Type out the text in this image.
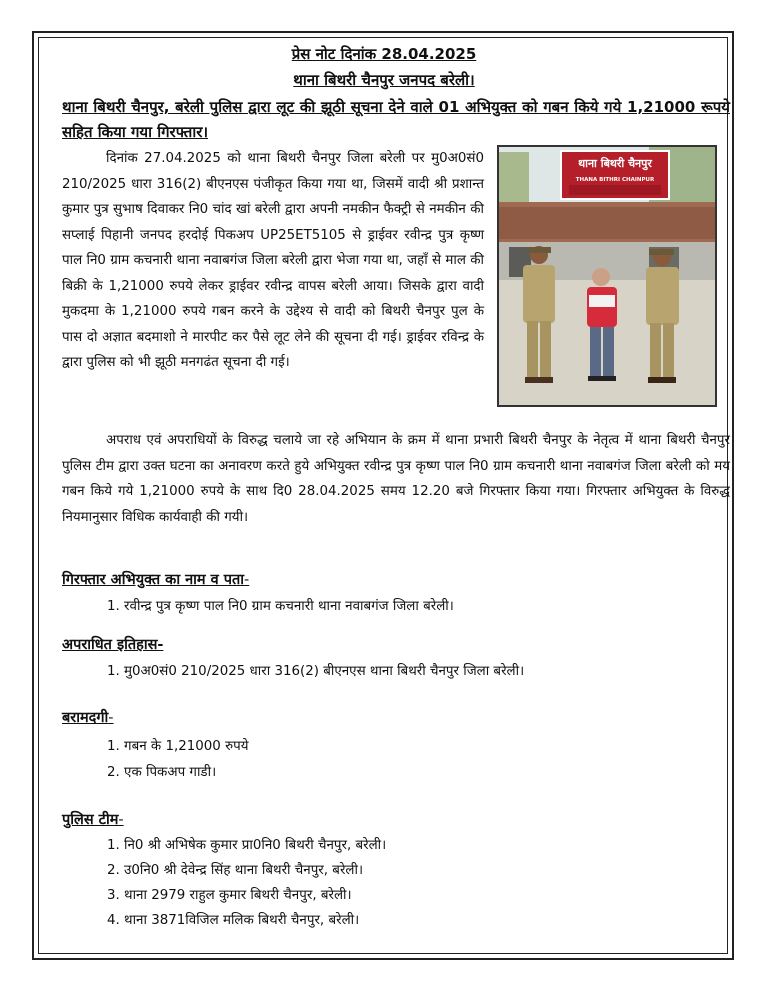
प्रेस नोट दिनांक 28.04.2025
थाना बिथरी चैनपुर जनपद बरेली।
थाना बिथरी चैनपुर, बरेली पुलिस द्वारा लूट की झूठी सूचना देने वाले 01 अभियुक्त को गबन किये गये 1,21000 रूपये सहित किया गया गिरफ्तार।
दिनांक 27.04.2025 को थाना बिथरी चैनपुर जिला बरेली पर मु0अ0सं0 210/2025 धारा 316(2) बीएनएस पंजीकृत किया गया था, जिसमें वादी श्री प्रशान्त कुमार पुत्र सुभाष दिवाकर नि0 चांद खां बरेली द्वारा अपनी नमकीन फैक्ट्री से नमकीन की सप्लाई पिहानी जनपद हरदोई पिकअप UP25ET5105 से ड्राईवर रवीन्द्र पुत्र कृष्ण पाल नि0 ग्राम कचनारी थाना नवाबगंज जिला बरेली द्वारा भेजा गया था, जहाँ से माल की बिक्री के 1,21000 रुपये लेकर ड्राईवर रवीन्द्र वापस बरेली आया। जिसके द्वारा वादी मुकदमा के 1,21000 रुपये गबन करने के उद्देश्य से वादी को बिथरी चैनपुर पुल के पास दो अज्ञात बदमाशो ने मारपीट कर पैसे लूट लेने की सूचना दी गई। ड्राईवर रविन्द्र के द्वारा पुलिस को भी झूठी मनगढंत सूचना दी गई।
थाना बिथरी चैनपुर
THANA BITHRI CHAINPUR
अपराध एवं अपराधियों के विरुद्ध चलाये जा रहे अभियान के क्रम में थाना प्रभारी बिथरी चैनपुर के नेतृत्व में थाना बिथरी चैनपुर पुलिस टीम द्वारा उक्त घटना का अनावरण करते हुये अभियुक्त रवीन्द्र पुत्र कृष्ण पाल नि0 ग्राम कचनारी थाना नवाबगंज जिला बरेली को मय गबन किये गये 1,21000 रुपये के साथ दि0 28.04.2025 समय 12.20 बजे गिरफ्तार किया गया। गिरफ्तार अभियुक्त के विरुद्ध नियमानुसार विधिक कार्यवाही की गयी।
गिरफ्तार अभियुक्त का नाम व पता-
1. रवीन्द्र पुत्र कृष्ण पाल नि0 ग्राम कचनारी थाना नवाबगंज जिला बरेली।
अपराधित इतिहास-
1. मु0अ0सं0 210/2025 धारा 316(2) बीएनएस थाना बिथरी चैनपुर जिला बरेली।
बरामदगी-
1. गबन के 1,21000 रुपये
2. एक पिकअप गाडी।
पुलिस टीम-
1. नि0 श्री अभिषेक कुमार प्रा0नि0 बिथरी चैनपुर, बरेली।
2. उ0नि0 श्री देवेन्द्र सिंह थाना बिथरी चैनपुर, बरेली।
3. थाना 2979 राहुल कुमार बिथरी चैनपुर, बरेली।
4. थाना 3871विजिल मलिक बिथरी चैनपुर, बरेली।
